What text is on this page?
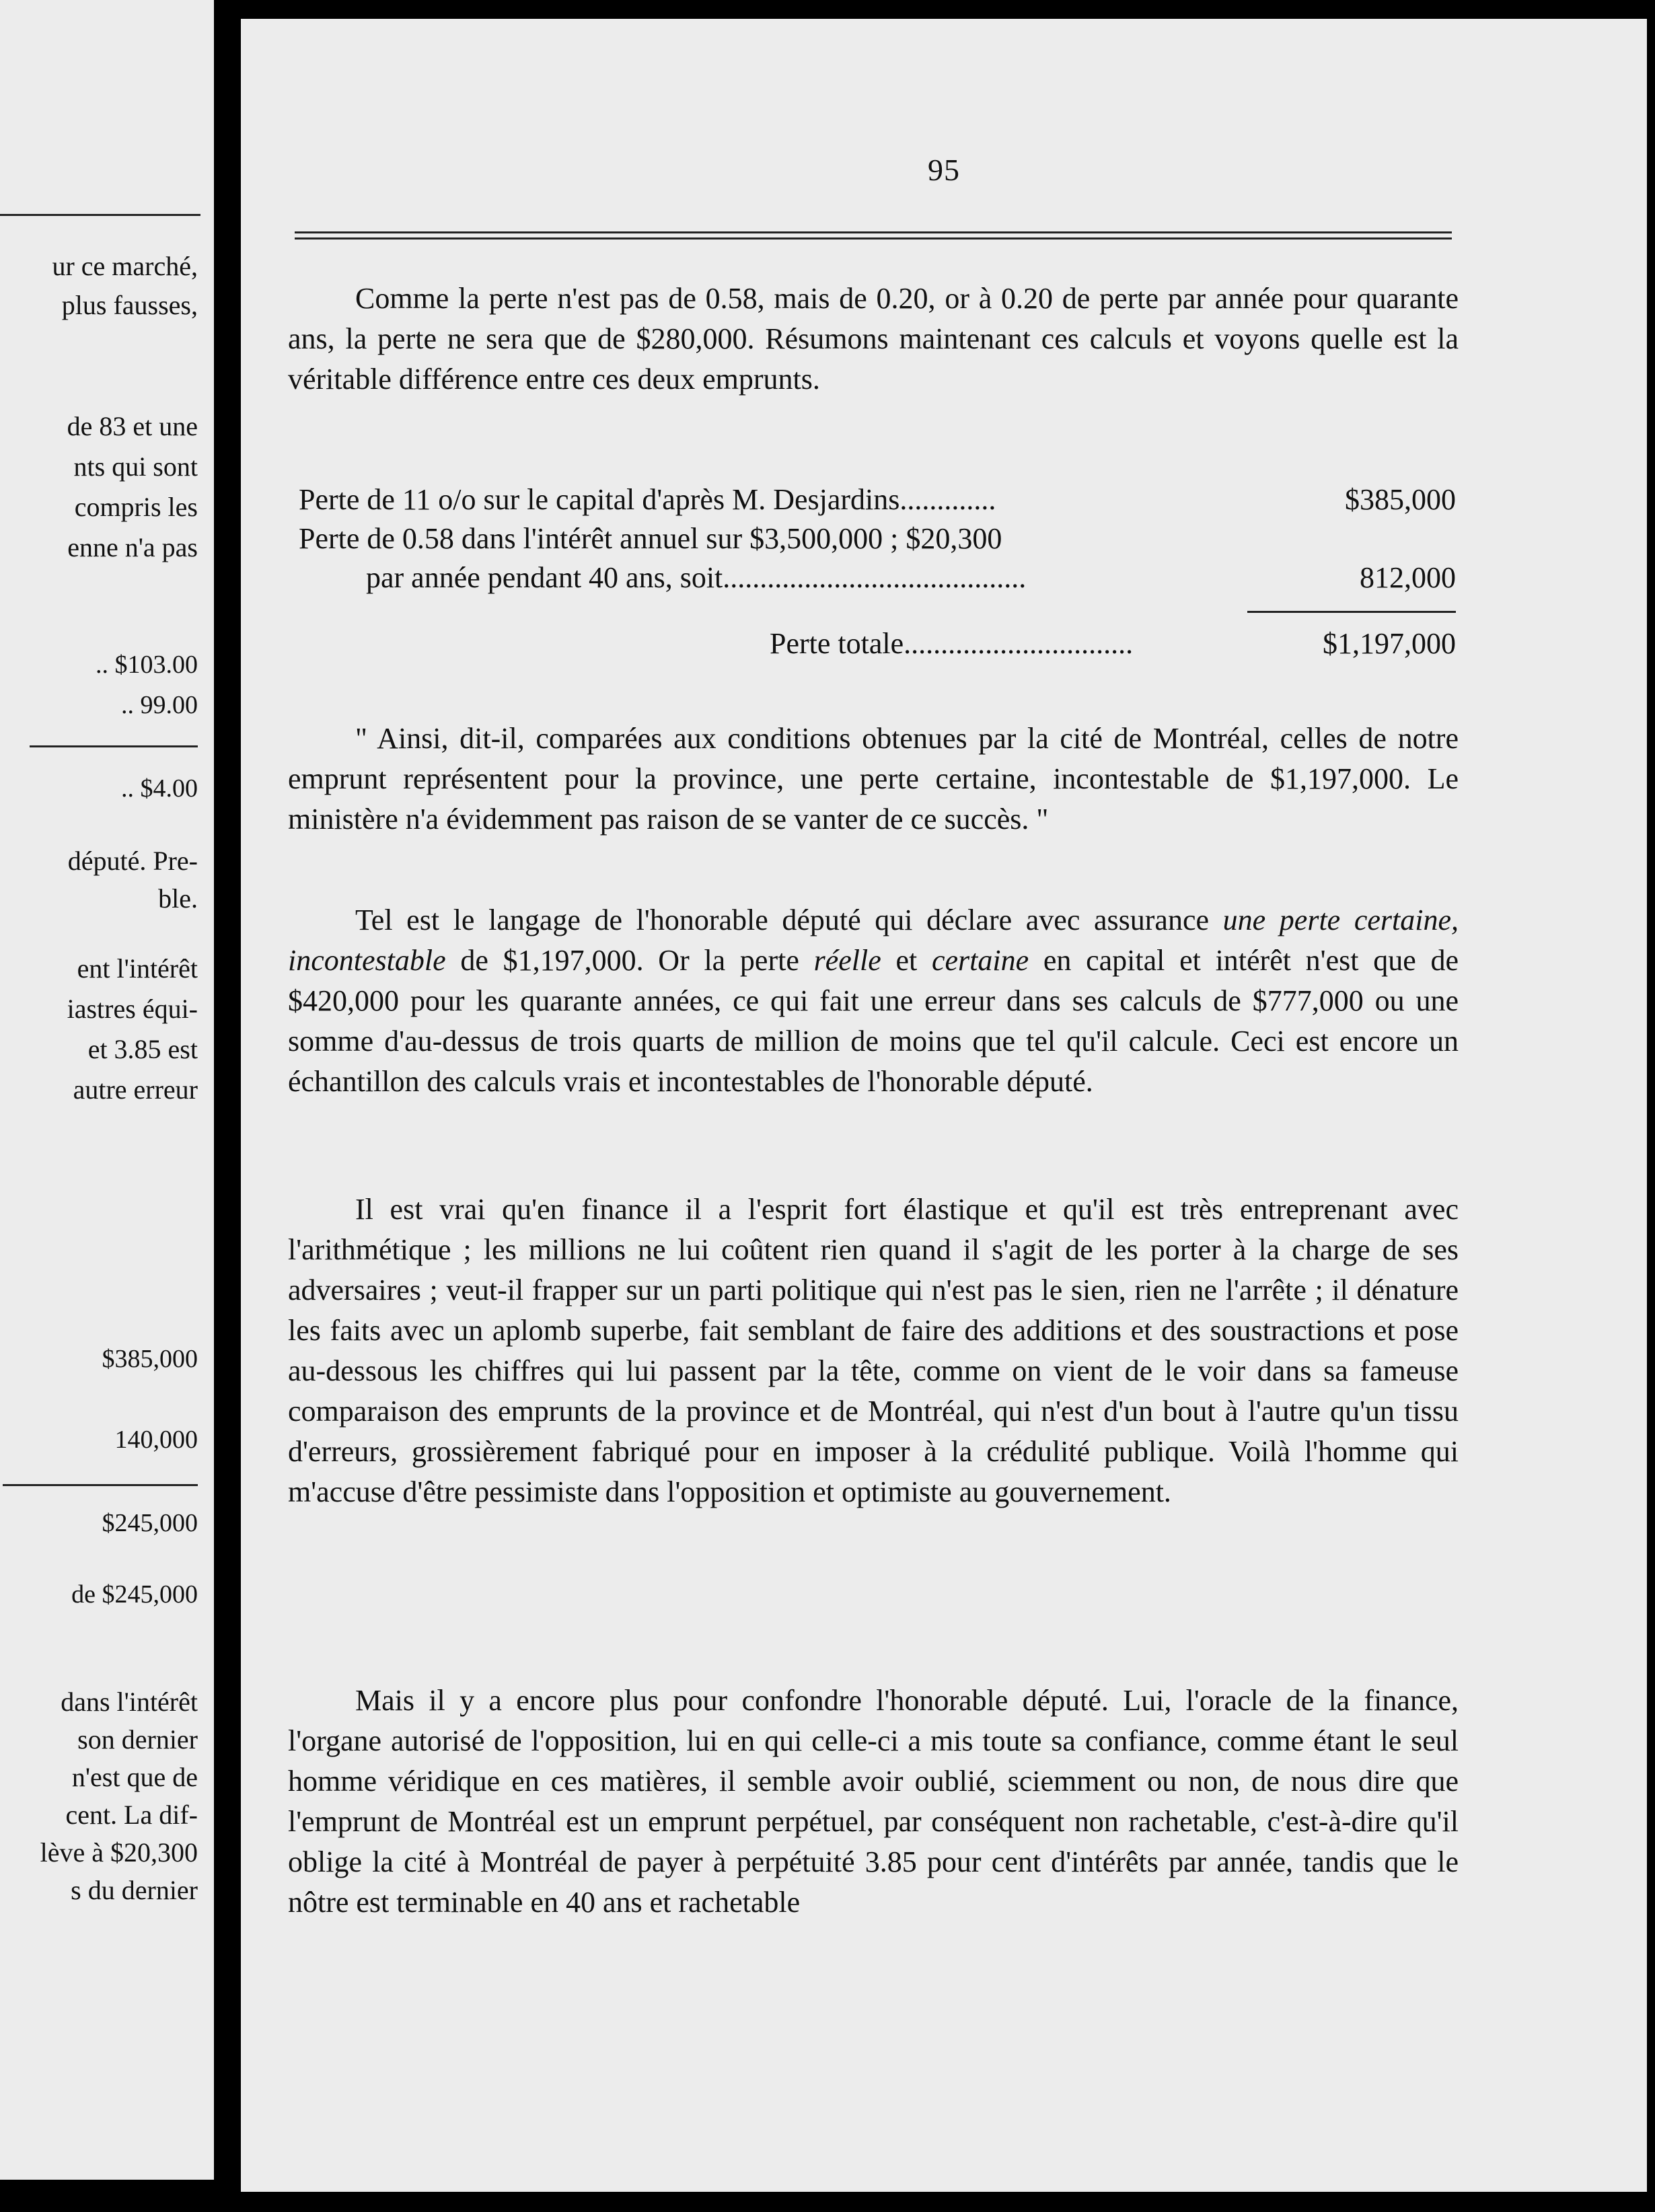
ur ce marché,
plus fausses,
de 83 et une
nts qui sont
compris les
enne n'a pas
.. $103.00
.. 99.00
.. $4.00
député. Pre-
ble.
ent l'intérêt
iastres équi-
et 3.85 est
autre erreur
$385,000
140,000
$245,000
de $245,000
dans l'intérêt
son dernier
n'est que de
cent. La dif-
lève à $20,300
s du dernier
95

Comme la perte n'est pas de 0.58, mais de 0.20, or à 0.20 de perte par année pour quarante ans, la perte ne sera que de $280,000. Résumons maintenant ces calculs et voyons quelle est la véritable différence entre ces deux emprunts.

Perte de 11 o/o sur le capital d'après M. Desjardins.............	$385,000
Perte de 0.58 dans l'intérêt annuel sur $3,500,000 ; $20,300
par année pendant 40 ans, soit.........................................	812,000
Perte totale...............................	$1,197,000

" Ainsi, dit-il, comparées aux conditions obtenues par la cité de Montréal, celles de notre emprunt représentent pour la province, une perte certaine, incontestable de $1,197,000. Le ministère n'a évidemment pas raison de se vanter de ce succès. "

Tel est le langage de l'honorable député qui déclare avec assurance une perte certaine, incontestable de $1,197,000. Or la perte réelle et certaine en capital et intérêt n'est que de $420,000 pour les quarante années, ce qui fait une erreur dans ses calculs de $777,000 ou une somme d'au-dessus de trois quarts de million de moins que tel qu'il calcule. Ceci est encore un échantillon des calculs vrais et incontestables de l'honorable député.

Il est vrai qu'en finance il a l'esprit fort élastique et qu'il est très entreprenant avec l'arithmétique ; les millions ne lui coûtent rien quand il s'agit de les porter à la charge de ses adversaires ; veut-il frapper sur un parti politique qui n'est pas le sien, rien ne l'arrête ; il dénature les faits avec un aplomb superbe, fait semblant de faire des additions et des soustractions et pose au-dessous les chiffres qui lui passent par la tête, comme on vient de le voir dans sa fameuse comparaison des emprunts de la province et de Montréal, qui n'est d'un bout à l'autre qu'un tissu d'erreurs, grossièrement fabriqué pour en imposer à la crédulité publique. Voilà l'homme qui m'accuse d'être pessimiste dans l'opposition et optimiste au gouvernement.

Mais il y a encore plus pour confondre l'honorable député. Lui, l'oracle de la finance, l'organe autorisé de l'opposition, lui en qui celle-ci a mis toute sa confiance, comme étant le seul homme véridique en ces matières, il semble avoir oublié, sciemment ou non, de nous dire que l'emprunt de Montréal est un emprunt perpétuel, par conséquent non rachetable, c'est-à-dire qu'il oblige la cité à Montréal de payer à perpétuité 3.85 pour cent d'intérêts par année, tandis que le nôtre est terminable en 40 ans et rachetable
